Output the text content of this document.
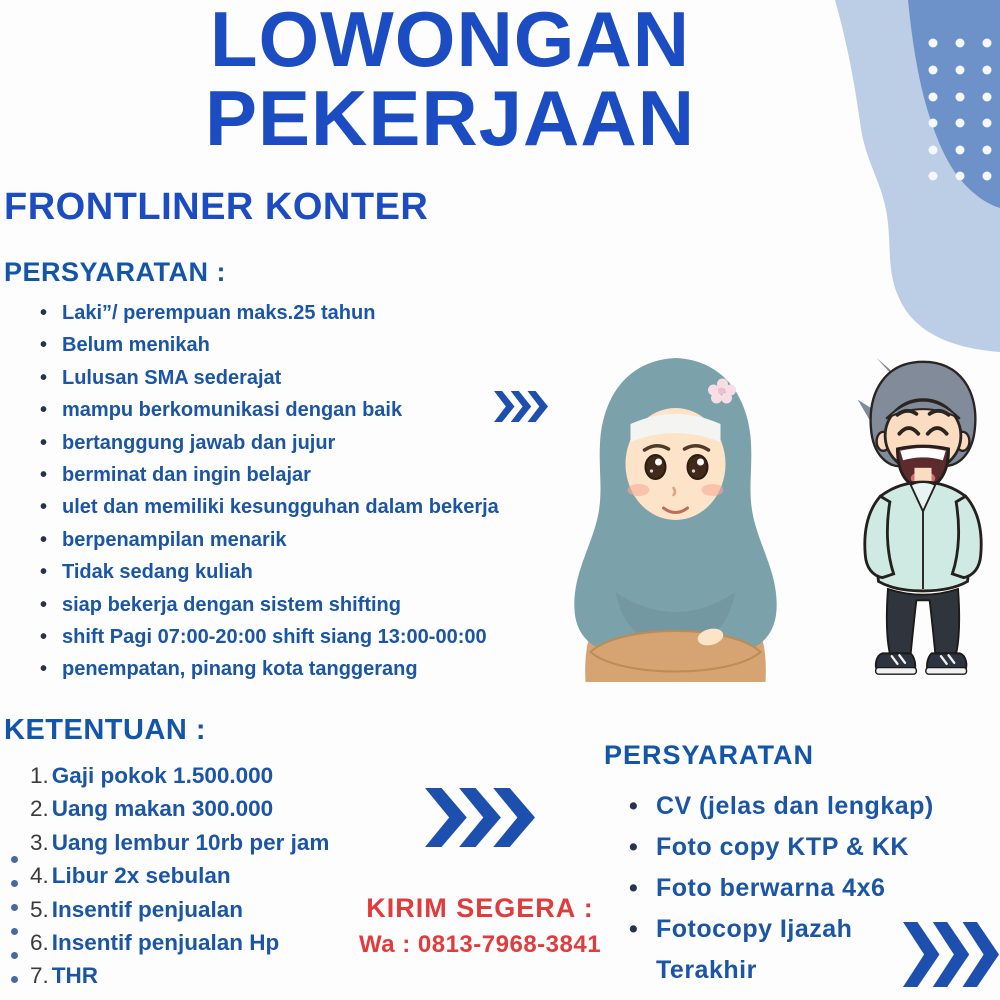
LOWONGAN
PEKERJAAN
FRONTLINER KONTER
PERSYARATAN :
• Laki”/ perempuan maks.25 tahun
• Belum menikah
• Lulusan SMA sederajat
• mampu berkomunikasi dengan baik
• bertanggung jawab dan jujur
• berminat dan ingin belajar
• ulet dan memiliki kesungguhan dalam bekerja
• berpenampilan menarik
• Tidak sedang kuliah
• siap bekerja dengan sistem shifting
• shift Pagi 07:00-20:00 shift siang 13:00-00:00
• penempatan, pinang kota tanggerang
KETENTUAN :
Gaji pokok 1.500.000
Uang makan 300.000
Uang lembur 10rb per jam
Libur 2x sebulan
Insentif penjualan
Insentif penjualan Hp
THR
PERSYARATAN
• CV (jelas dan lengkap)
• Foto copy KTP & KK
• Foto berwarna 4x6
• Fotocopy Ijazah Terakhir
KIRIM SEGERA :
Wa : 0813-7968-3841
